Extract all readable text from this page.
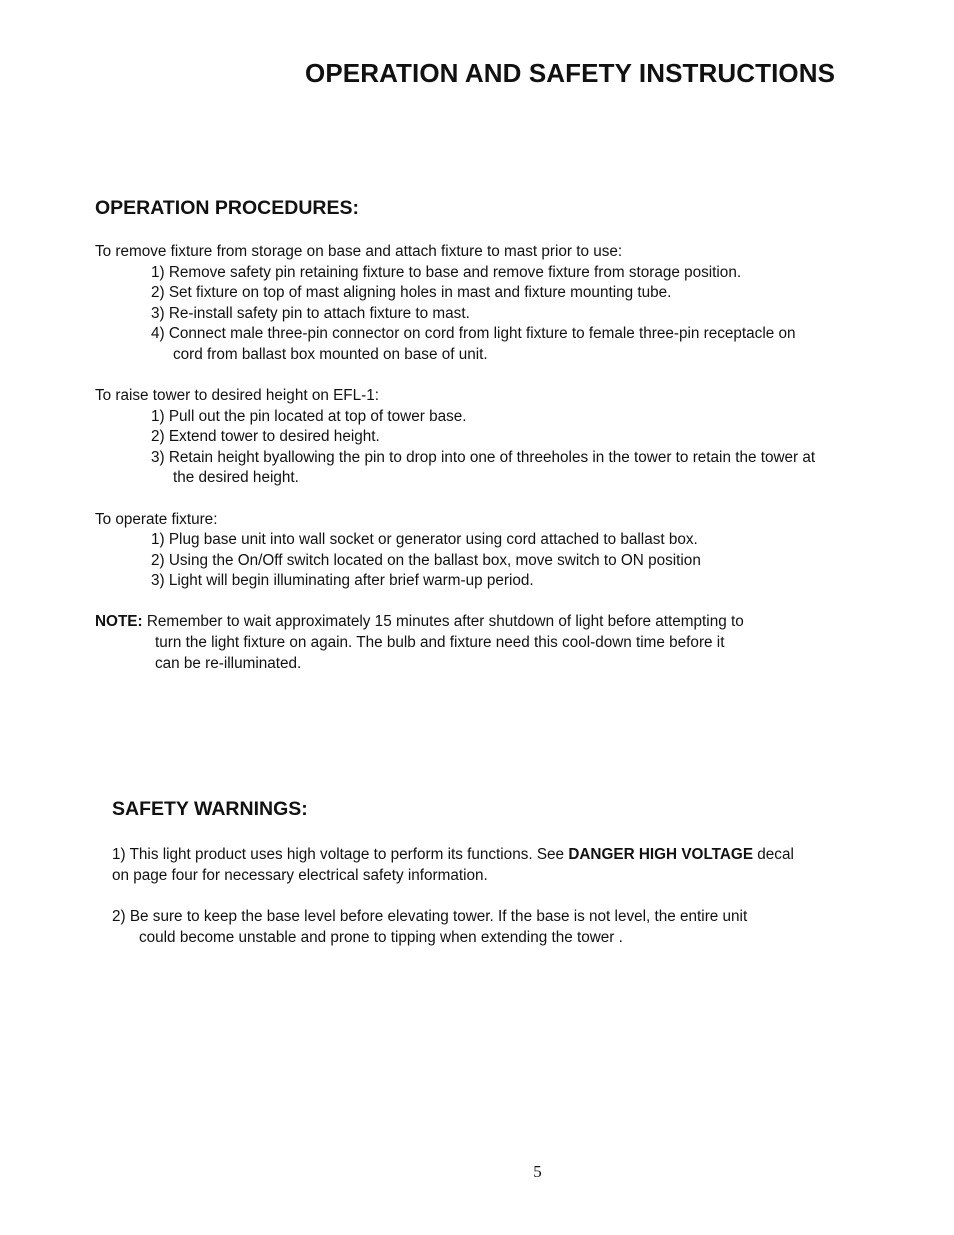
OPERATION AND SAFETY INSTRUCTIONS
OPERATION PROCEDURES:
To remove fixture from storage on base and attach fixture to mast prior to use:
1) Remove safety pin retaining fixture to base and remove fixture from storage position.
2) Set fixture on top of mast aligning holes in mast and fixture mounting tube.
3) Re-install safety pin to attach fixture to mast.
4) Connect male three-pin connector on cord from light fixture to female three-pin receptacle on
cord from ballast box mounted on base of unit.
To raise tower to desired height on EFL-1:
1) Pull out the pin located at top of tower base.
2) Extend tower to desired height.
3) Retain height byallowing the pin to drop into one of threeholes in the tower to retain the tower at
the desired height.
To operate fixture:
1) Plug base unit into wall socket or generator using cord attached to ballast box.
2) Using the On/Off switch located on the ballast box, move switch to ON position
3) Light will begin illuminating after brief warm-up period.
NOTE: Remember to wait approximately 15 minutes after shutdown of light before attempting to
turn the light fixture on again. The bulb and fixture need this cool-down time before it
can be re-illuminated.
SAFETY WARNINGS:
1) This light product uses high voltage to perform its functions. See DANGER HIGH VOLTAGE decal
on page four for necessary electrical safety information.
2) Be sure to keep the base level before elevating tower. If the base is not level, the entire unit
could become unstable and prone to tipping when extending the tower .
5
